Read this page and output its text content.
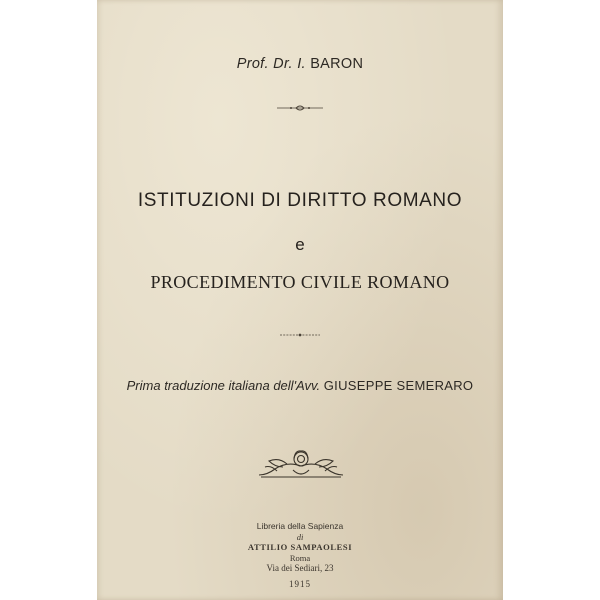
Prof. Dr. I. BARON
ISTITUZIONI DI DIRITTO ROMANO
e
PROCEDIMENTO CIVILE ROMANO
Prima traduzione italiana dell'Avv. GIUSEPPE SEMERARO
Libreria della Sapienza
di
ATTILIO SAMPAOLESI
Roma
Via dei Sediari, 23
1915
